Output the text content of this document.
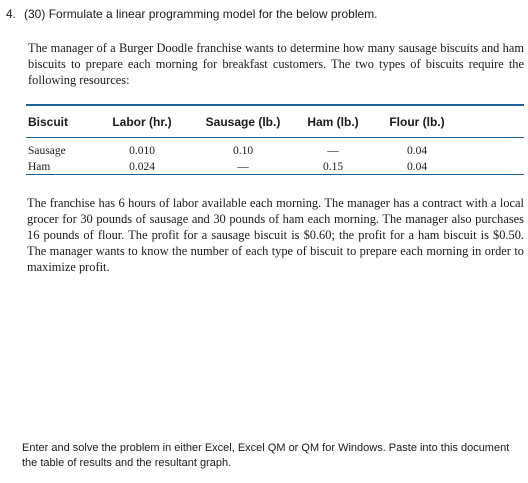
4. (30) Formulate a linear programming model for the below problem.
The manager of a Burger Doodle franchise wants to determine how many sausage biscuits and ham biscuits to prepare each morning for breakfast customers. The two types of biscuits require the following resources:
Biscuit	Labor (hr.)	Sausage (lb.)	Ham (lb.)	Flour (lb.)
Sausage	0.010	0.10	—	0.04
Ham	0.024	—	0.15	0.04
The franchise has 6 hours of labor available each morning. The manager has a contract with a local grocer for 30 pounds of sausage and 30 pounds of ham each morning. The manager also purchases 16 pounds of flour. The profit for a sausage biscuit is $0.60; the profit for a ham biscuit is $0.50. The manager wants to know the number of each type of biscuit to prepare each morning in order to maximize profit.
Enter and solve the problem in either Excel, Excel QM or QM for Windows. Paste into this document the table of results and the resultant graph.
